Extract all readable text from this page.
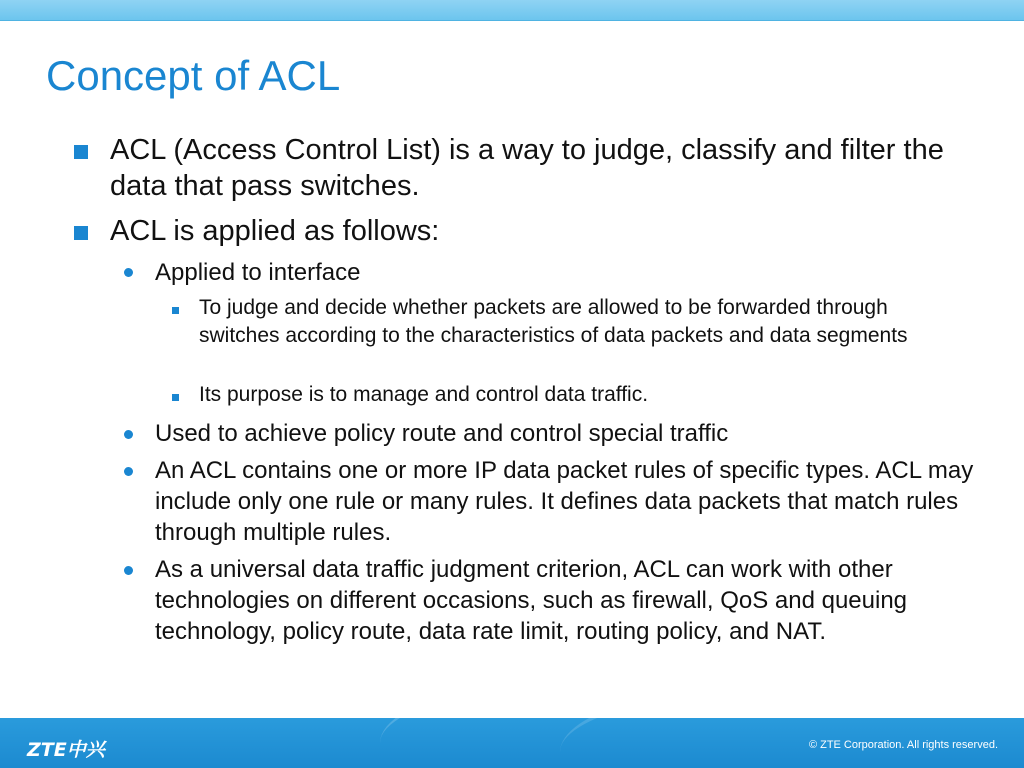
Concept of ACL
ACL (Access Control List) is a way to judge, classify and filter the data that pass switches.
ACL is applied as follows:
Applied to interface
To judge and decide whether packets are allowed to be forwarded through switches according to the characteristics of data packets and data segments
Its purpose is to manage and control data traffic.
Used to achieve policy route and control special traffic
An ACL contains one or more IP data packet rules of specific types. ACL may include only one rule or many rules. It defines data packets that match rules through multiple rules.
As a universal data traffic judgment criterion, ACL can work with other technologies on different occasions, such as firewall, QoS and queuing technology, policy route, data rate limit, routing policy, and NAT.
ZTE中兴	© ZTE Corporation. All rights reserved.
